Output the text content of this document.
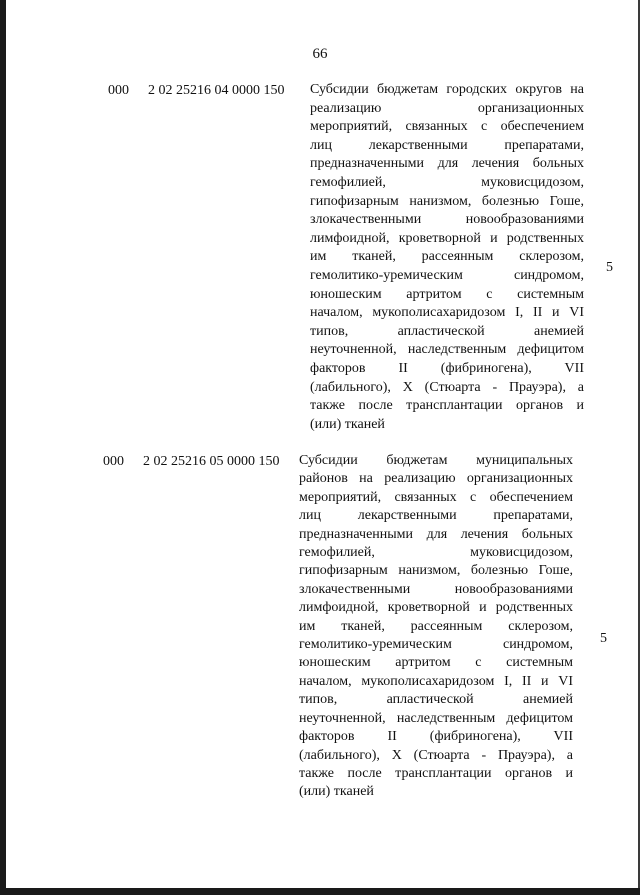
66
000 2 02 25216 04 0000 150 Субсидии бюджетам городских округов на
реализацию организационных
мероприятий, связанных с обеспечением
лиц лекарственными препаратами,
предназначенными для лечения больных
гемофилией, муковисцидозом,
гипофизарным нанизмом, болезнью Гоше,
злокачественными новообразованиями
лимфоидной, кроветворной и родственных
им тканей, рассеянным склерозом,
гемолитико-уремическим синдромом,
юношеским артритом с системным
началом, мукополисахаридозом I, II и VI
типов, апластической анемией
неуточненной, наследственным дефицитом
факторов II (фибриногена), VII
(лабильного), X (Стюарта - Прауэра), а
также после трансплантации органов и
(или) тканей
5
000 2 02 25216 05 0000 150 Субсидии бюджетам муниципальных
районов на реализацию организационных
мероприятий, связанных с обеспечением
лиц лекарственными препаратами,
предназначенными для лечения больных
гемофилией, муковисцидозом,
гипофизарным нанизмом, болезнью Гоше,
злокачественными новообразованиями
лимфоидной, кроветворной и родственных
им тканей, рассеянным склерозом,
гемолитико-уремическим синдромом,
юношеским артритом с системным
началом, мукополисахаридозом I, II и VI
типов, апластической анемией
неуточненной, наследственным дефицитом
факторов II (фибриногена), VII
(лабильного), X (Стюарта - Прауэра), а
также после трансплантации органов и
(или) тканей
5
